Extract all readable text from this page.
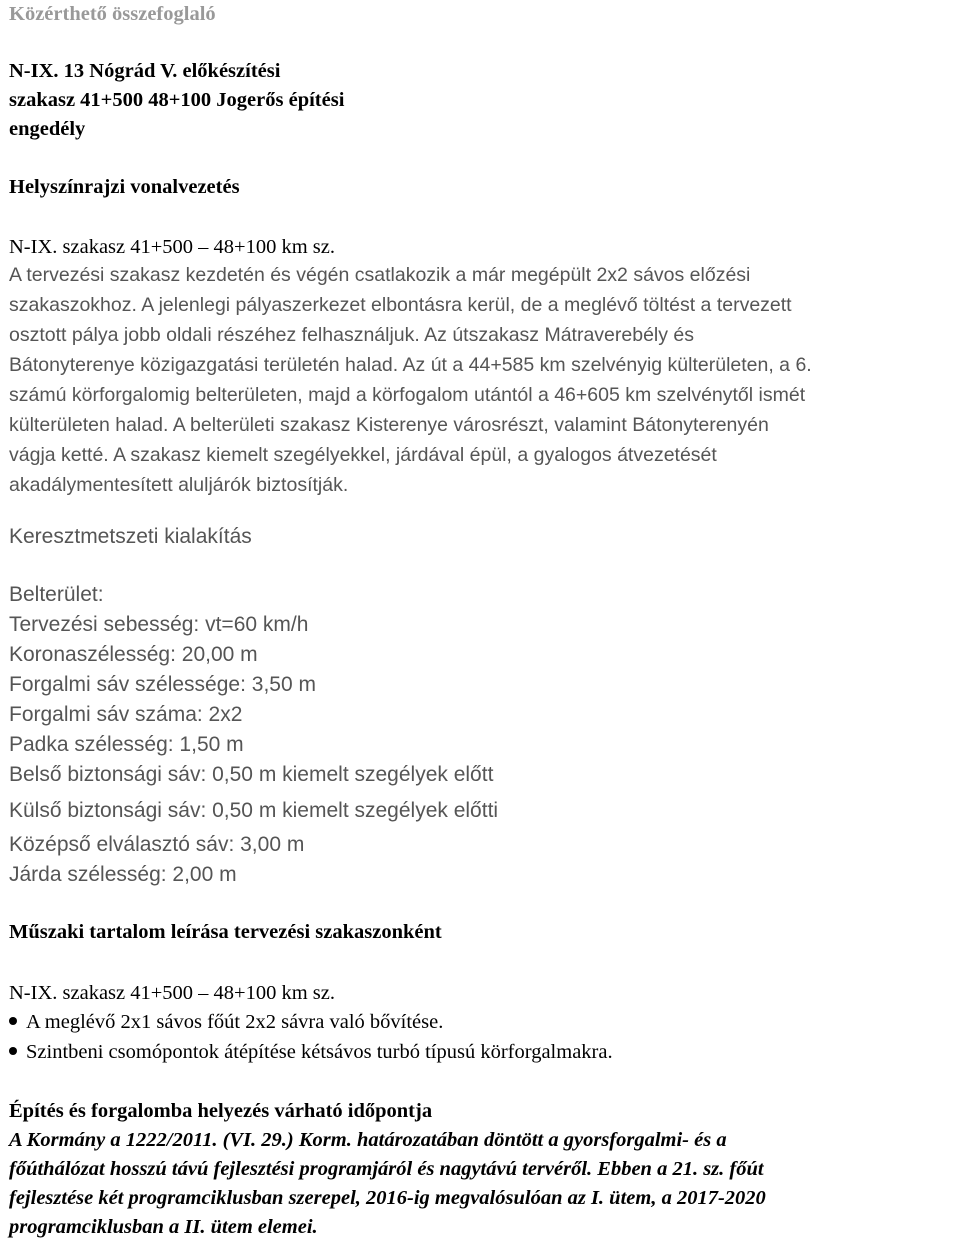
Közérthető összefoglaló
N-IX. 13 Nógrád V. előkészítési
szakasz 41+500 48+100 Jogerős építési
engedély
Helyszínrajzi vonalvezetés
N-IX. szakasz 41+500 – 48+100 km sz.
A tervezési szakasz kezdetén és végén csatlakozik a már megépült 2x2 sávos előzési
szakaszokhoz. A jelenlegi pályaszerkezet elbontásra kerül, de a meglévő töltést a tervezett
osztott pálya jobb oldali részéhez felhasználjuk. Az útszakasz Mátraverebély és
Bátonyterenye közigazgatási területén halad. Az út a 44+585 km szelvényig külterületen, a 6.
számú körforgalomig belterületen, majd a körfogalom utántól a 46+605 km szelvénytől ismét
külterületen halad. A belterületi szakasz Kisterenye városrészt, valamint Bátonyterenyén
vágja ketté. A szakasz kiemelt szegélyekkel, járdával épül, a gyalogos átvezetését
akadálymentesített aluljárók biztosítják.
Keresztmetszeti kialakítás
Belterület:
Tervezési sebesség: vt=60 km/h
Koronaszélesség: 20,00 m
Forgalmi sáv szélessége: 3,50 m
Forgalmi sáv száma: 2x2
Padka szélesség: 1,50 m
Belső biztonsági sáv: 0,50 m kiemelt szegélyek előtt
Külső biztonsági sáv: 0,50 m kiemelt szegélyek előtti
Középső elválasztó sáv: 3,00 m
Járda szélesség: 2,00 m
Műszaki tartalom leírása tervezési szakaszonként
N-IX. szakasz 41+500 – 48+100 km sz.
A meglévő 2x1 sávos főút 2x2 sávra való bővítése.
Szintbeni csomópontok átépítése kétsávos turbó típusú körforgalmakra.
Építés és forgalomba helyezés várható időpontja
A Kormány a 1222/2011. (VI. 29.) Korm. határozatában döntött a gyorsforgalmi- és a
főúthálózat hosszú távú fejlesztési programjáról és nagytávú tervéről. Ebben a 21. sz. főút
fejlesztése két programciklusban szerepel, 2016-ig megvalósulóan az I. ütem, a 2017-2020
programciklusban a II. ütem elemei.
